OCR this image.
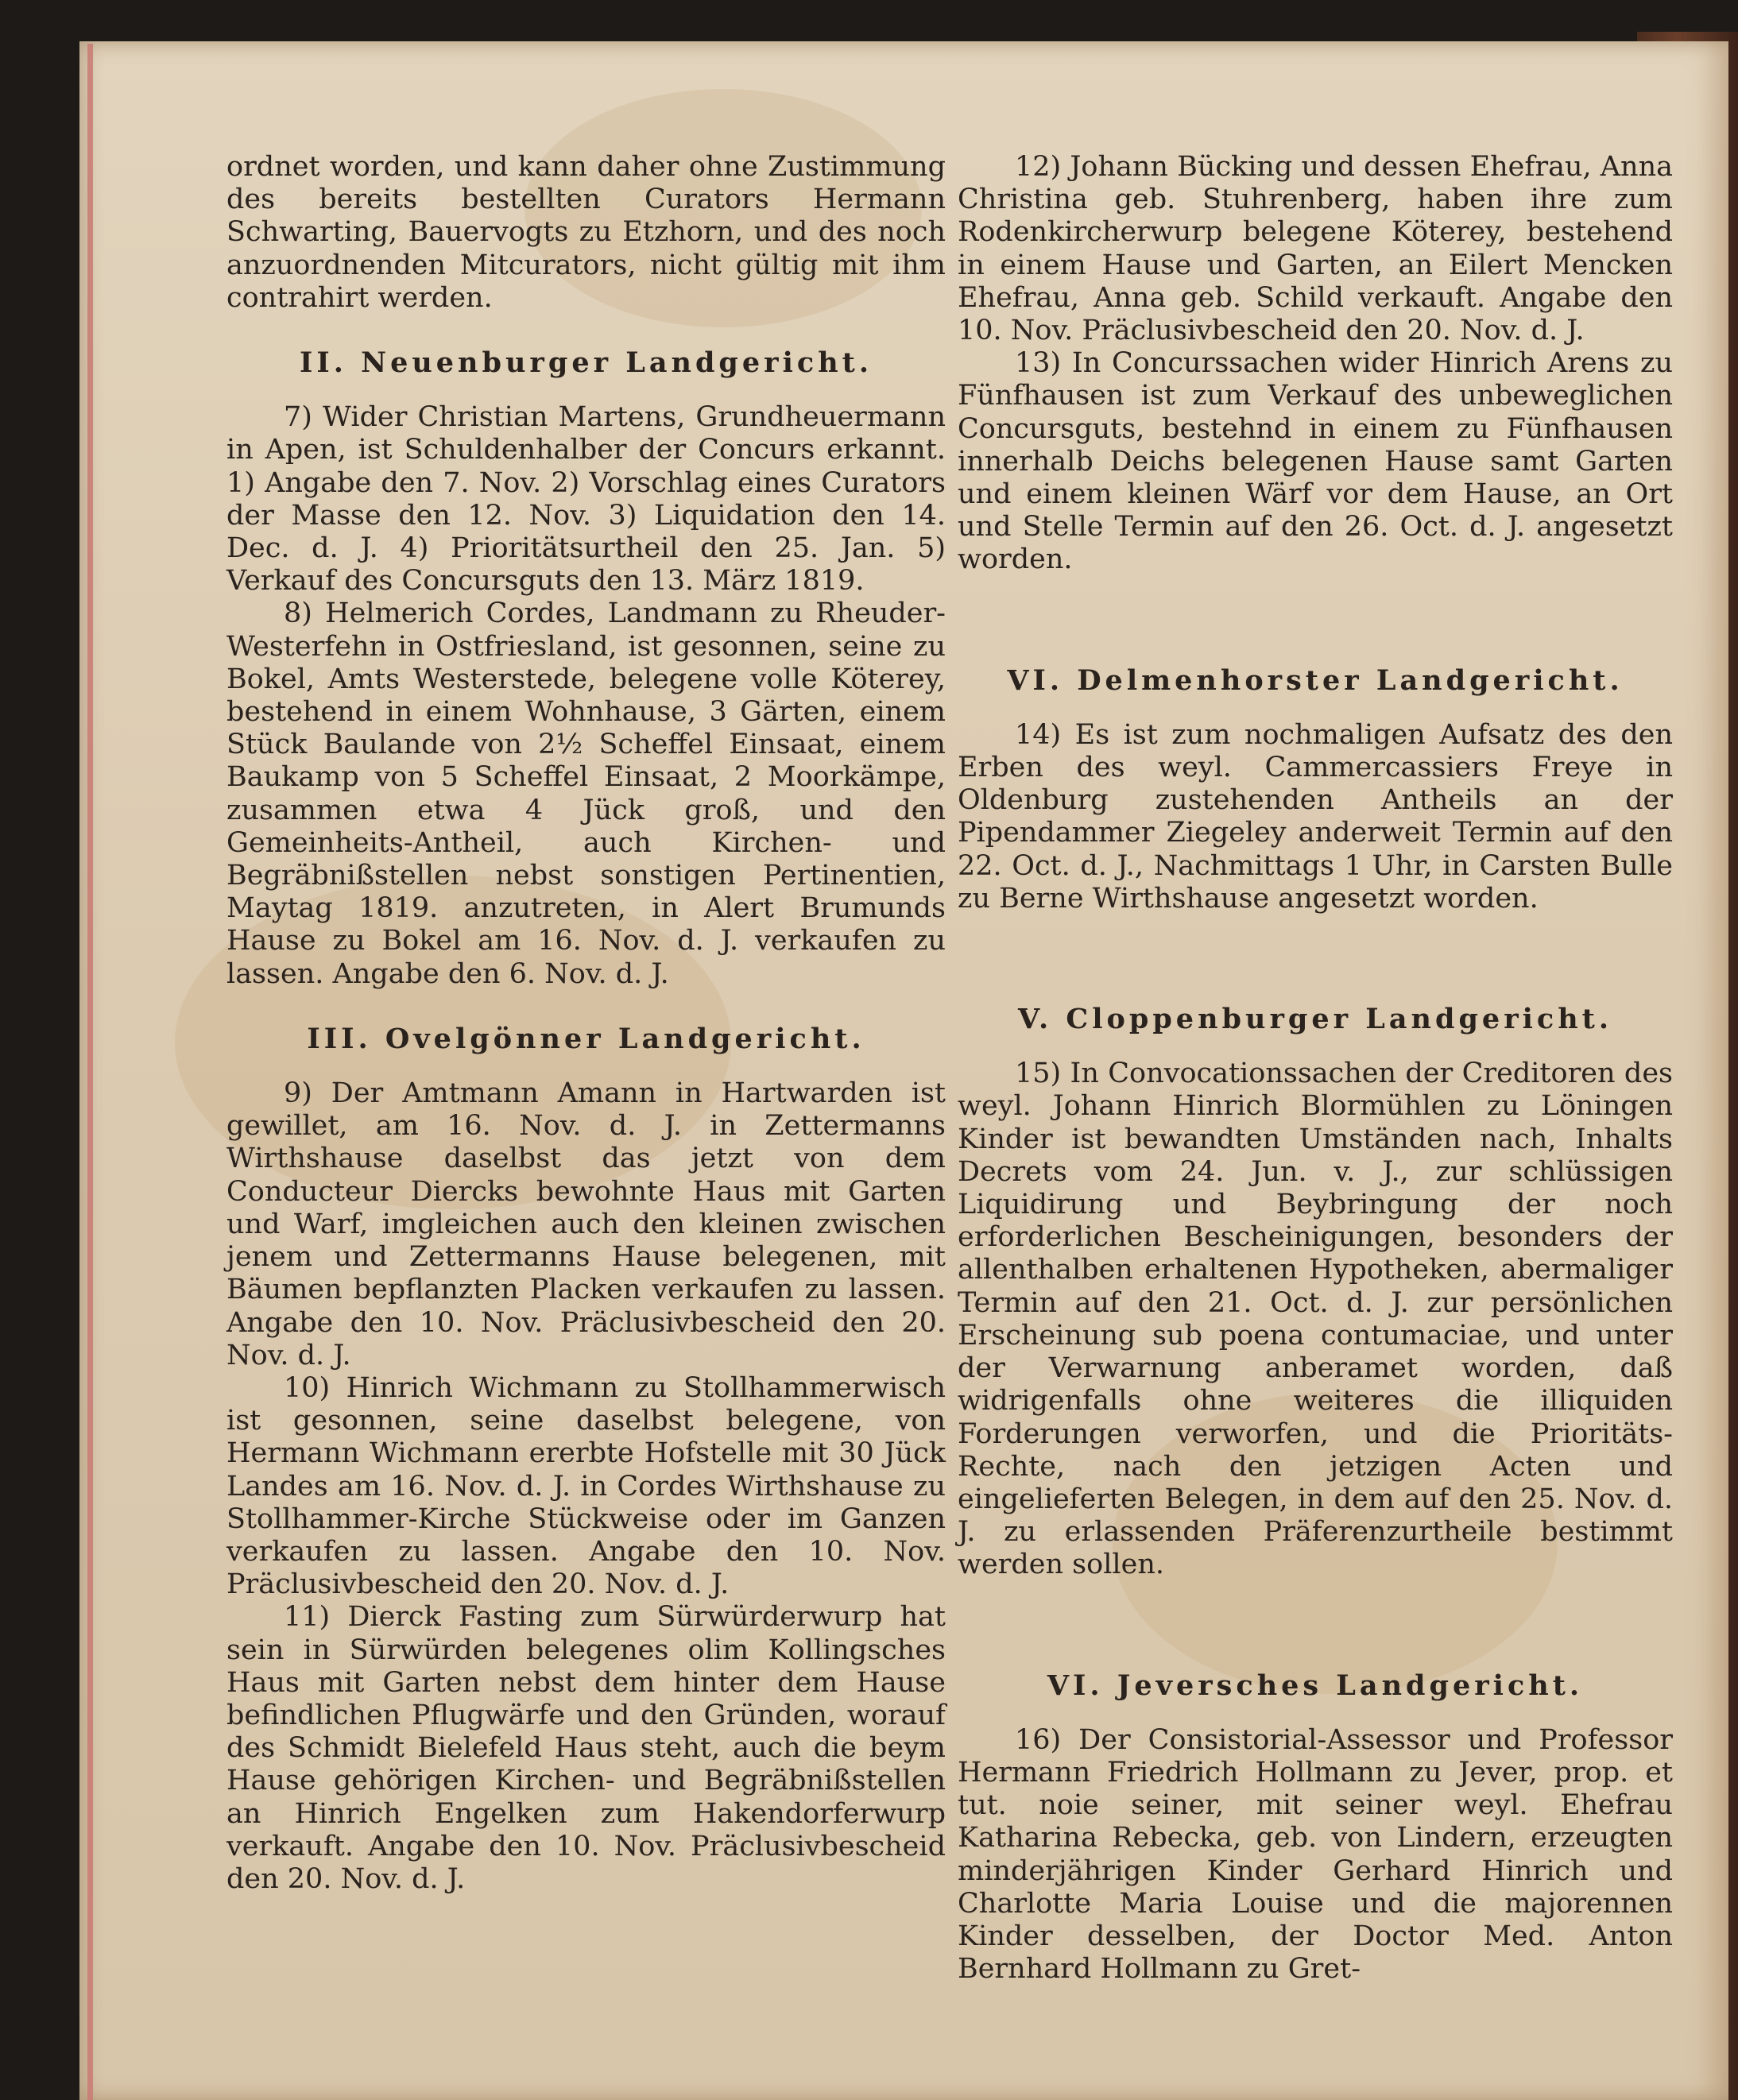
ordnet worden, und kann daher ohne Zustimmung des bereits bestellten Curators Hermann Schwarting, Bauervogts zu Etzhorn, und des noch anzuordnenden Mitcurators, nicht gültig mit ihm contrahirt werden.

II. Neuenburger Landgericht.

7) Wider Christian Martens, Grundheuermann in Apen, ist Schuldenhalber der Concurs erkannt. 1) Angabe den 7. Nov. 2) Vorschlag eines Curators der Masse den 12. Nov. 3) Liquidation den 14. Dec. d. J. 4) Prioritätsurtheil den 25. Jan. 5) Verkauf des Concursguts den 13. März 1819.

8) Helmerich Cordes, Landmann zu Rheuder-Westerfehn in Ostfriesland, ist gesonnen, seine zu Bokel, Amts Westerstede, belegene volle Köterey, bestehend in einem Wohnhause, 3 Gärten, einem Stück Baulande von 2½ Scheffel Einsaat, einem Baukamp von 5 Scheffel Einsaat, 2 Moorkämpe, zusammen etwa 4 Jück groß, und den Gemeinheits-Antheil, auch Kirchen- und Begräbnißstellen nebst sonstigen Pertinentien, Maytag 1819. anzutreten, in Alert Brumunds Hause zu Bokel am 16. Nov. d. J. verkaufen zu lassen. Angabe den 6. Nov. d. J.

III. Ovelgönner Landgericht.

9) Der Amtmann Amann in Hartwarden ist gewillet, am 16. Nov. d. J. in Zettermanns Wirthshause daselbst das jetzt von dem Conducteur Diercks bewohnte Haus mit Garten und Warf, imgleichen auch den kleinen zwischen jenem und Zettermanns Hause belegenen, mit Bäumen bepflanzten Placken verkaufen zu lassen. Angabe den 10. Nov. Präclusivbescheid den 20. Nov. d. J.

10) Hinrich Wichmann zu Stollhammerwisch ist gesonnen, seine daselbst belegene, von Hermann Wichmann ererbte Hofstelle mit 30 Jück Landes am 16. Nov. d. J. in Cordes Wirthshause zu Stollhammer-Kirche Stückweise oder im Ganzen verkaufen zu lassen. Angabe den 10. Nov. Präclusivbescheid den 20. Nov. d. J.

11) Dierck Fasting zum Sürwürderwurp hat sein in Sürwürden belegenes olim Kollingsches Haus mit Garten nebst dem hinter dem Hause befindlichen Pflugwärfe und den Gründen, worauf des Schmidt Bielefeld Haus steht, auch die beym Hause gehörigen Kirchen- und Begräbnißstellen an Hinrich Engelken zum Hakendorferwurp verkauft. Angabe den 10. Nov. Präclusivbescheid den 20. Nov. d. J.

12) Johann Bücking und dessen Ehefrau, Anna Christina geb. Stuhrenberg, haben ihre zum Rodenkircherwurp belegene Köterey, bestehend in einem Hause und Garten, an Eilert Mencken Ehefrau, Anna geb. Schild verkauft. Angabe den 10. Nov. Präclusivbescheid den 20. Nov. d. J.

13) In Concurssachen wider Hinrich Arens zu Fünfhausen ist zum Verkauf des unbeweglichen Concursguts, bestehnd in einem zu Fünfhausen innerhalb Deichs belegenen Hause samt Garten und einem kleinen Wärf vor dem Hause, an Ort und Stelle Termin auf den 26. Oct. d. J. angesetzt worden.

VI. Delmenhorster Landgericht.

14) Es ist zum nochmaligen Aufsatz des den Erben des weyl. Cammercassiers Freye in Oldenburg zustehenden Antheils an der Pipendammer Ziegeley anderweit Termin auf den 22. Oct. d. J., Nachmittags 1 Uhr, in Carsten Bulle zu Berne Wirthshause angesetzt worden.

V. Cloppenburger Landgericht.

15) In Convocationssachen der Creditoren des weyl. Johann Hinrich Blormühlen zu Löningen Kinder ist bewandten Umständen nach, Inhalts Decrets vom 24. Jun. v. J., zur schlüssigen Liquidirung und Beybringung der noch erforderlichen Bescheinigungen, besonders der allenthalben erhaltenen Hypotheken, abermaliger Termin auf den 21. Oct. d. J. zur persönlichen Erscheinung sub poena contumaciae, und unter der Verwarnung anberamet worden, daß widrigenfalls ohne weiteres die illiquiden Forderungen verworfen, und die Prioritäts-Rechte, nach den jetzigen Acten und eingelieferten Belegen, in dem auf den 25. Nov. d. J. zu erlassenden Präferenzurtheile bestimmt werden sollen.

VI. Jeversches Landgericht.

16) Der Consistorial-Assessor und Professor Hermann Friedrich Hollmann zu Jever, prop. et tut. noie seiner, mit seiner weyl. Ehefrau Katharina Rebecka, geb. von Lindern, erzeugten minderjährigen Kinder Gerhard Hinrich und Charlotte Maria Louise und die majorennen Kinder desselben, der Doctor Med. Anton Bernhard Hollmann zu Gret-
